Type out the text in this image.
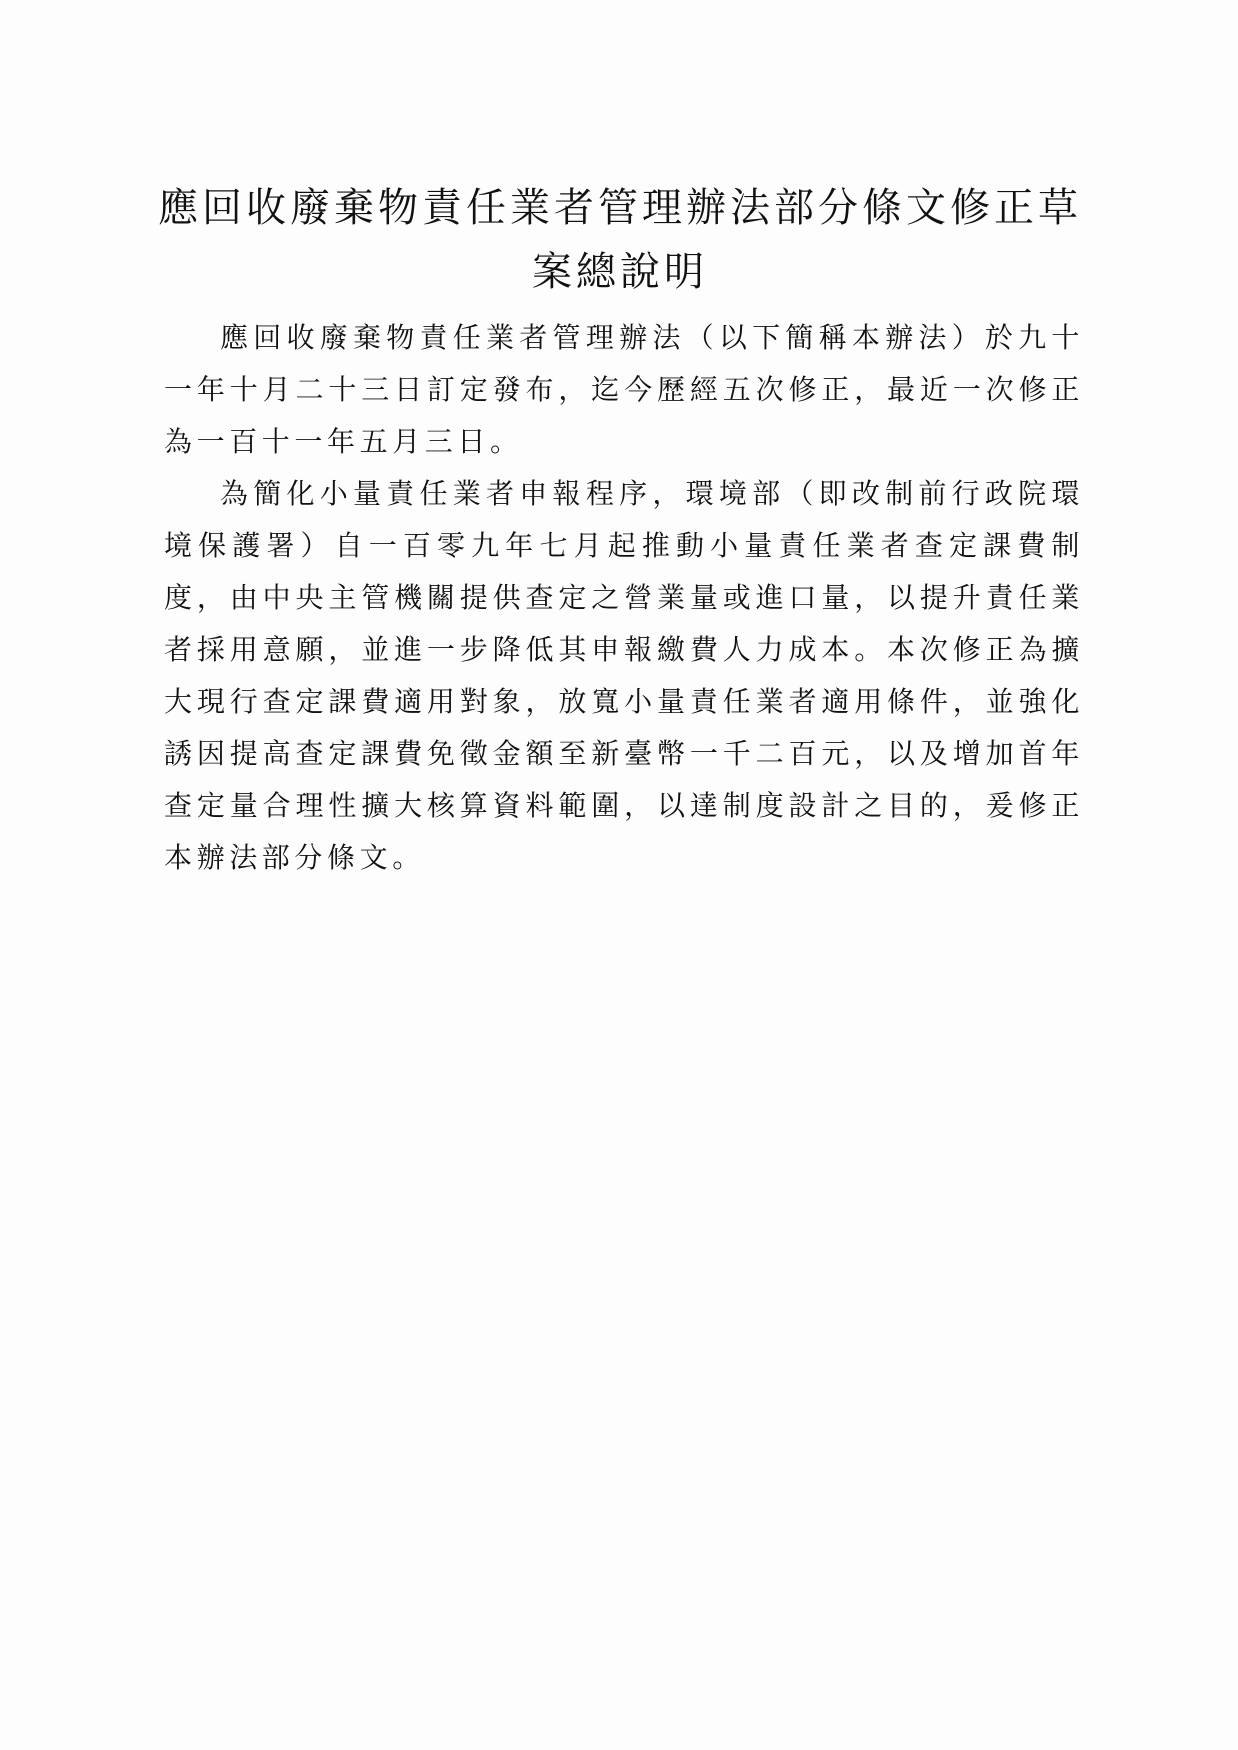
應回收廢棄物責任業者管理辦法部分條文修正草
案總說明

應回收廢棄物責任業者管理辦法（以下簡稱本辦法）於九十一年十月二十三日訂定發布，迄今歷經五次修正，最近一次修正為一百十一年五月三日。

為簡化小量責任業者申報程序，環境部（即改制前行政院環境保護署）自一百零九年七月起推動小量責任業者查定課費制度，由中央主管機關提供查定之營業量或進口量，以提升責任業者採用意願，並進一步降低其申報繳費人力成本。本次修正為擴大現行查定課費適用對象，放寬小量責任業者適用條件，並強化誘因提高查定課費免徵金額至新臺幣一千二百元，以及增加首年查定量合理性擴大核算資料範圍，以達制度設計之目的，爰修正本辦法部分條文。
